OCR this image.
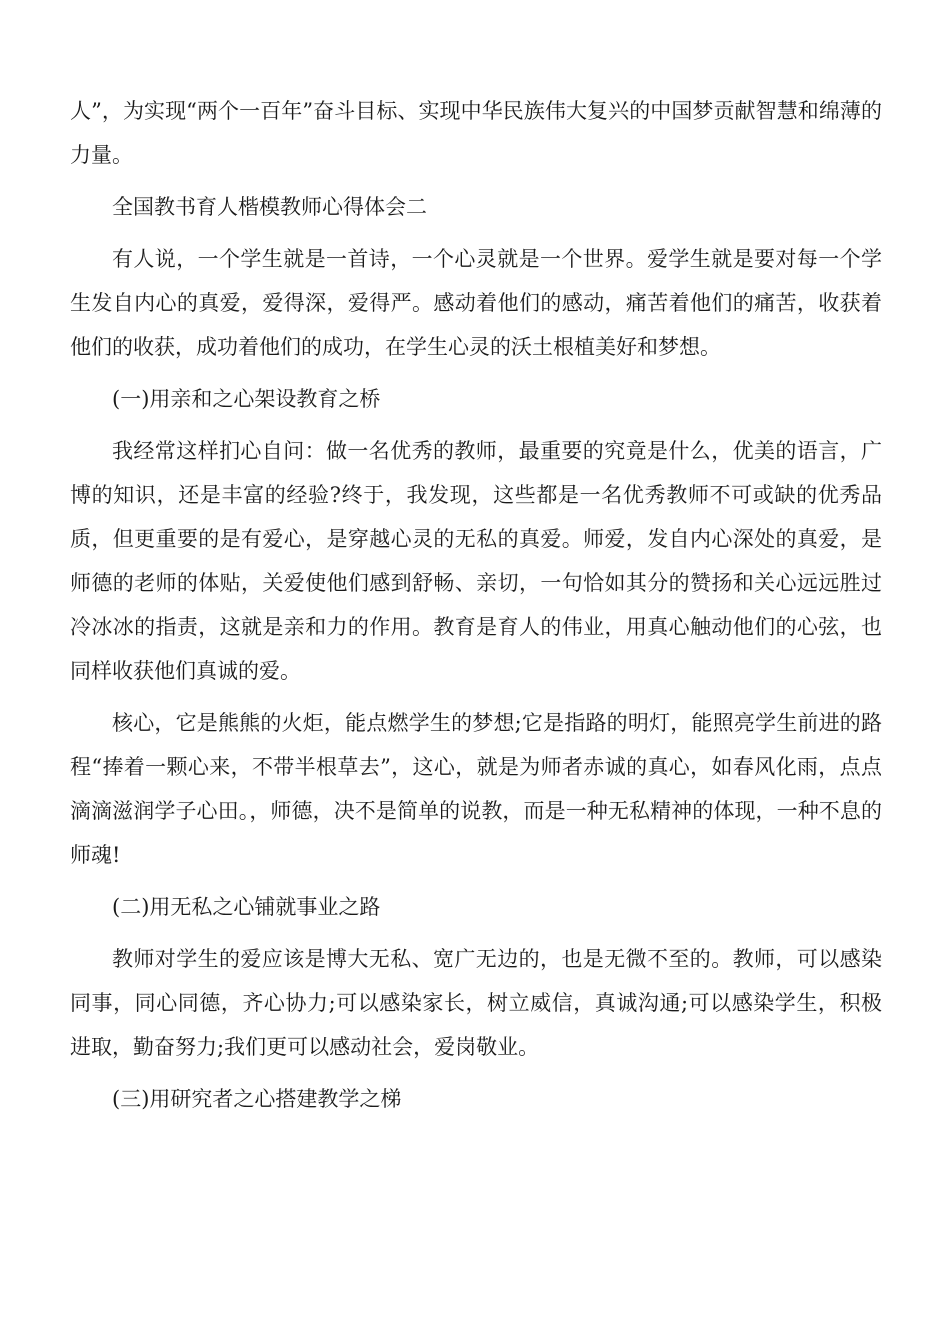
人”，为实现“两个一百年”奋斗目标、实现中华民族伟大复兴的中国梦贡献智慧和绵薄的力量。

全国教书育人楷模教师心得体会二

有人说，一个学生就是一首诗，一个心灵就是一个世界。爱学生就是要对每一个学生发自内心的真爱，爱得深，爱得严。感动着他们的感动，痛苦着他们的痛苦，收获着他们的收获，成功着他们的成功，在学生心灵的沃土根植美好和梦想。

(一)用亲和之心架设教育之桥

我经常这样扪心自问：做一名优秀的教师，最重要的究竟是什么，优美的语言，广博的知识，还是丰富的经验?终于，我发现，这些都是一名优秀教师不可或缺的优秀品质，但更重要的是有爱心，是穿越心灵的无私的真爱。师爱，发自内心深处的真爱，是师德的老师的体贴，关爱使他们感到舒畅、亲切，一句恰如其分的赞扬和关心远远胜过冷冰冰的指责，这就是亲和力的作用。教育是育人的伟业，用真心触动他们的心弦，也同样收获他们真诚的爱。

核心，它是熊熊的火炬，能点燃学生的梦想;它是指路的明灯，能照亮学生前进的路程“捧着一颗心来，不带半根草去”，这心，就是为师者赤诚的真心，如春风化雨，点点滴滴滋润学子心田。，师德，决不是简单的说教，而是一种无私精神的体现，一种不息的师魂!

(二)用无私之心铺就事业之路

教师对学生的爱应该是博大无私、宽广无边的，也是无微不至的。教师，可以感染同事，同心同德，齐心协力;可以感染家长，树立威信，真诚沟通;可以感染学生，积极进取，勤奋努力;我们更可以感动社会，爱岗敬业。

(三)用研究者之心搭建教学之梯
